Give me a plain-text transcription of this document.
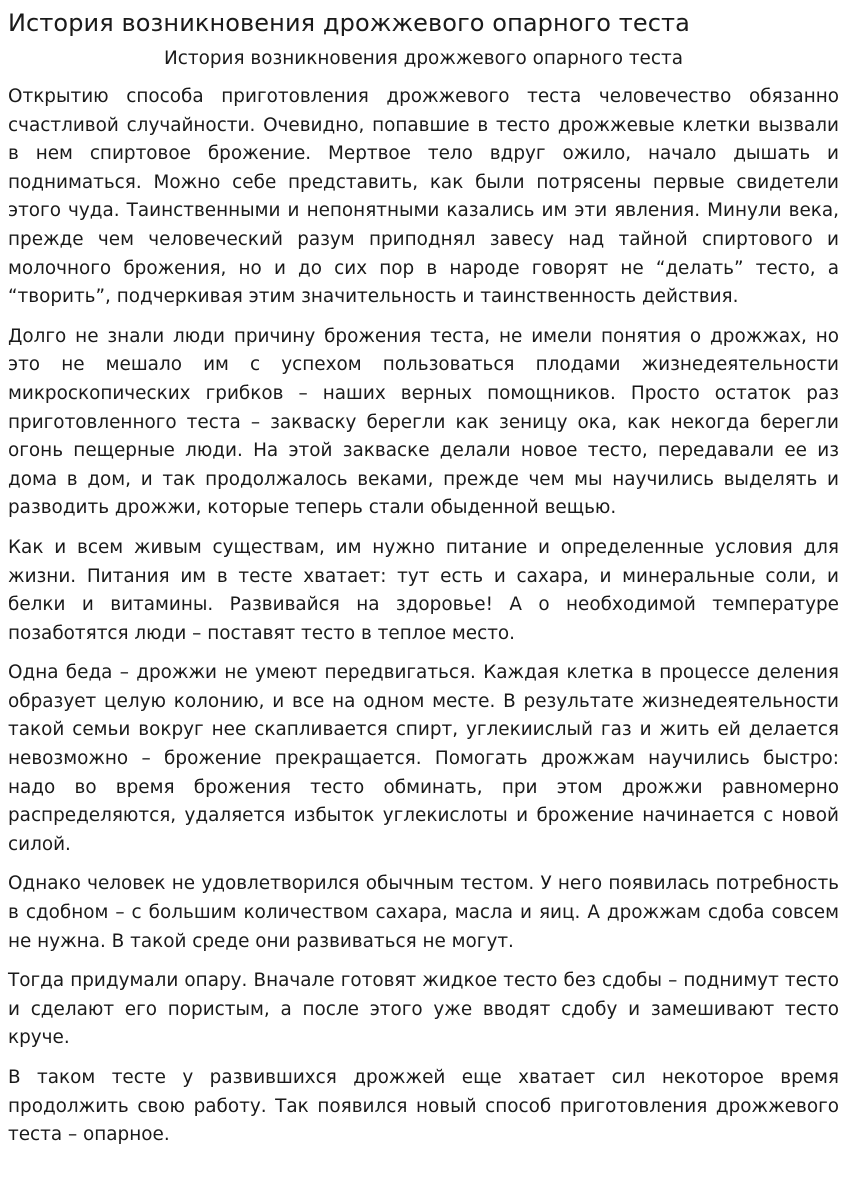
История возникновения дрожжевого опарного теста
История возникновения дрожжевого опарного теста

Открытию способа приготовления дрожжевого теста человечество обязанно счастливой случайности. Очевидно, попавшие в тесто дрожжевые клетки вызвали в нем спиртовое брожение. Мертвое тело вдруг ожило, начало дышать и подниматься. Можно себе представить, как были потрясены первые свидетели этого чуда. Таинственными и непонятными казались им эти явления. Минули века, прежде чем человеческий разум приподнял завесу над тайной спиртового и молочного брожения, но и до сих пор в народе говорят не “делать” тесто, а “творить”, подчеркивая этим значительность и таинственность действия.

Долго не знали люди причину брожения теста, не имели понятия о дрожжах, но это не мешало им с успехом пользоваться плодами жизнедеятельности микроскопических грибков – наших верных помощников. Просто остаток раз приготовленного теста – закваску берегли как зеницу ока, как некогда берегли огонь пещерные люди. На этой закваске делали новое тесто, передавали ее из дома в дом, и так продолжалось веками, прежде чем мы научились выделять и разводить дрожжи, которые теперь стали обыденной вещью.

Как и всем живым существам, им нужно питание и определенные условия для жизни. Питания им в тесте хватает: тут есть и сахара, и минеральные соли, и белки и витамины. Развивайся на здоровье! А о необходимой температуре позаботятся люди – поставят тесто в теплое место.

Одна беда – дрожжи не умеют передвигаться. Каждая клетка в процессе деления образует целую колонию, и все на одном месте. В результате жизнедеятельности такой семьи вокруг нее скапливается спирт, углекиислый газ и жить ей делается невозможно – брожение прекращается. Помогать дрожжам научились быстро: надо во время брожения тесто обминать, при этом дрожжи равномерно распределяются, удаляется избыток углекислоты и брожение начинается с новой силой.

Однако человек не удовлетворился обычным тестом. У него появилась потребность в сдобном – с большим количеством сахара, масла и яиц. А дрожжам сдоба совсем не нужна. В такой среде они развиваться не могут.

Тогда придумали опару. Вначале готовят жидкое тесто без сдобы – поднимут тесто и сделают его пористым, а после этого уже вводят сдобу и замешивают тесто круче.

В таком тесте у развившихся дрожжей еще хватает сил некоторое время продолжить свою работу. Так появился новый способ приготовления дрожжевого теста – опарное.
